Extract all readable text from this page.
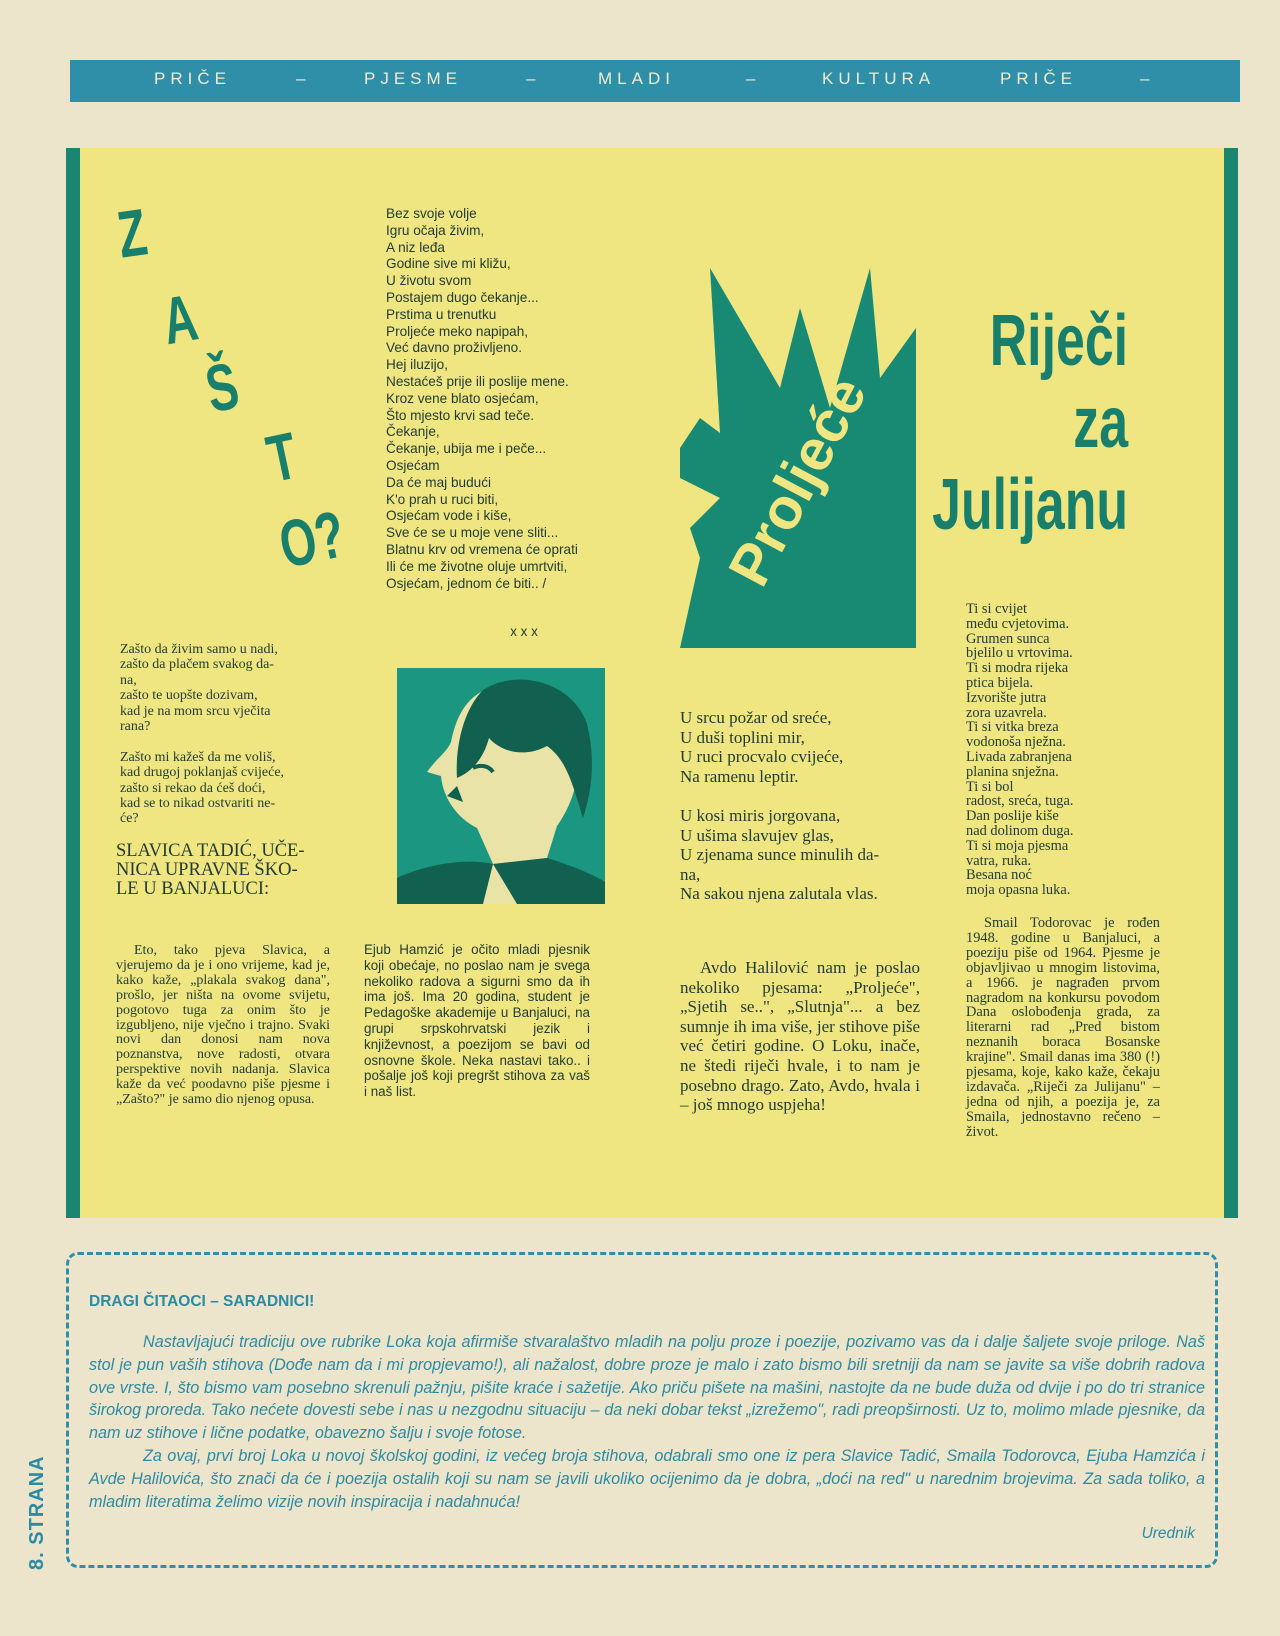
PRIČE	–	PJESME	–	MLADI	–	KULTURA	PRIČE	–
Z
A
Š
T
O?
Zašto da živim samo u nadi,
zašto da plačem svakog da-
na,
zašto te uopšte dozivam,
kad je na mom srcu vječita
rana?

Zašto mi kažeš da me voliš,
kad drugoj poklanjaš cvijeće,
zašto si rekao da ćeš doći,
kad se to nikad ostvariti ne-
će?
SLAVICA TADIĆ, UČE-
NICA UPRAVNE ŠKO-
LE U BANJALUCI:
Eto, tako pjeva Slavica, a vjerujemo da je i ono vrijeme, kad je, kako kaže, „plakala svakog dana", prošlo, jer ništa na ovome svijetu, pogotovo tuga za onim što je izgubljeno, nije vječno i trajno. Svaki novi dan donosi nam nova poznanstva, nove radosti, otvara perspektive novih nadanja. Slavica kaže da već poodavno piše pjesme i „Zašto?" je samo dio njenog opusa.
Bez svoje volje
Igru očaja živim,
A niz leđa
Godine sive mi kližu,
U životu svom
Postajem dugo čekanje...
Prstima u trenutku
Proljeće meko napipah,
Već davno proživljeno.
Hej iluzijo,
Nestaćeš prije ili poslije mene.
Kroz vene blato osjećam,
Što mjesto krvi sad teče.
Čekanje,
Čekanje, ubija me i peče...
Osjećam
Da će maj budući
K'o prah u ruci biti,
Osjećam vode i kiše,
Sve će se u moje vene sliti...
Blatnu krv od vremena će oprati
Ili će me životne oluje umrtviti,
Osjećam, jednom će biti.. /
x x x
Ejub Hamzić je očito mladi pjesnik koji obećaje, no poslao nam je svega nekoliko radova a sigurni smo da ih ima još. Ima 20 godina, student je Pedagoške akademije u Banjaluci, na grupi srpskohrvatski jezik i književnost, a poezijom se bavi od osnovne škole. Neka nastavi tako.. i pošalje još koji pregršt stihova za vaš i naš list.
Proljeće
U srcu požar od sreće,
U duši toplini mir,
U ruci procvalo cvijeće,
Na ramenu leptir.

U kosi miris jorgovana,
U ušima slavujev glas,
U zjenama sunce minulih da-
na,
Na sakou njena zalutala vlas.
Avdo Halilović nam je poslao nekoliko pjesama: „Proljeće", „Sjetih se..", „Slutnja"... a bez sumnje ih ima više, jer stihove piše već četiri godine. O Loku, inače, ne štedi riječi hvale, i to nam je posebno drago. Zato, Avdo, hvala i – još mnogo uspjeha!
Riječi
za
Julijanu
Ti si cvijet
među cvjetovima.
Grumen sunca
bjelilo u vrtovima.
Ti si modra rijeka
ptica bijela.
Izvorište jutra
zora uzavrela.
Ti si vitka breza
vodonoša nježna.
Livada zabranjena
planina snježna.
Ti si bol
radost, sreća, tuga.
Dan poslije kiše
nad dolinom duga.
Ti si moja pjesma
vatra, ruka.
Besana noć
moja opasna luka.
Smail Todorovac je rođen 1948. godine u Banjaluci, a poeziju piše od 1964. Pjesme je objavljivao u mnogim listovima, a 1966. je nagrađen prvom nagradom na konkursu povodom Dana oslobođenja grada, za literarni rad „Pred bistom neznanih boraca Bosanske krajine". Smail danas ima 380 (!) pjesama, koje, kako kaže, čekaju izdavača. „Riječi za Julijanu" – jedna od njih, a poezija je, za Smaila, jednostavno rečeno – život.
DRAGI ČITAOCI – SARADNICI!

Nastavljajući tradiciju ove rubrike Loka koja afirmiše stvaralaštvo mladih na polju proze i poezije, pozivamo vas da i dalje šaljete svoje priloge. Naš stol je pun vaših stihova (Dođe nam da i mi propjevamo!), ali nažalost, dobre proze je malo i zato bismo bili sretniji da nam se javite sa više dobrih radova ove vrste. I, što bismo vam posebno skrenuli pažnju, pišite kraće i sažetije. Ako priču pišete na mašini, nastojte da ne bude duža od dvije i po do tri stranice širokog proreda. Tako nećete dovesti sebe i nas u nezgodnu situaciju – da neki dobar tekst „izrežemo", radi preopširnosti. Uz to, molimo mlade pjesnike, da nam uz stihove i lične podatke, obavezno šalju i svoje fotose.

Za ovaj, prvi broj Loka u novoj školskoj godini, iz većeg broja stihova, odabrali smo one iz pera Slavice Tadić, Smaila Todorovca, Ejuba Hamzića i Avde Halilovića, što znači da će i poezija ostalih koji su nam se javili ukoliko ocijenimo da je dobra, „doći na red" u narednim brojevima. Za sada toliko, a mladim literatima želimo vizije novih inspiracija i nadahnuća!

Urednik
8. STRANA
